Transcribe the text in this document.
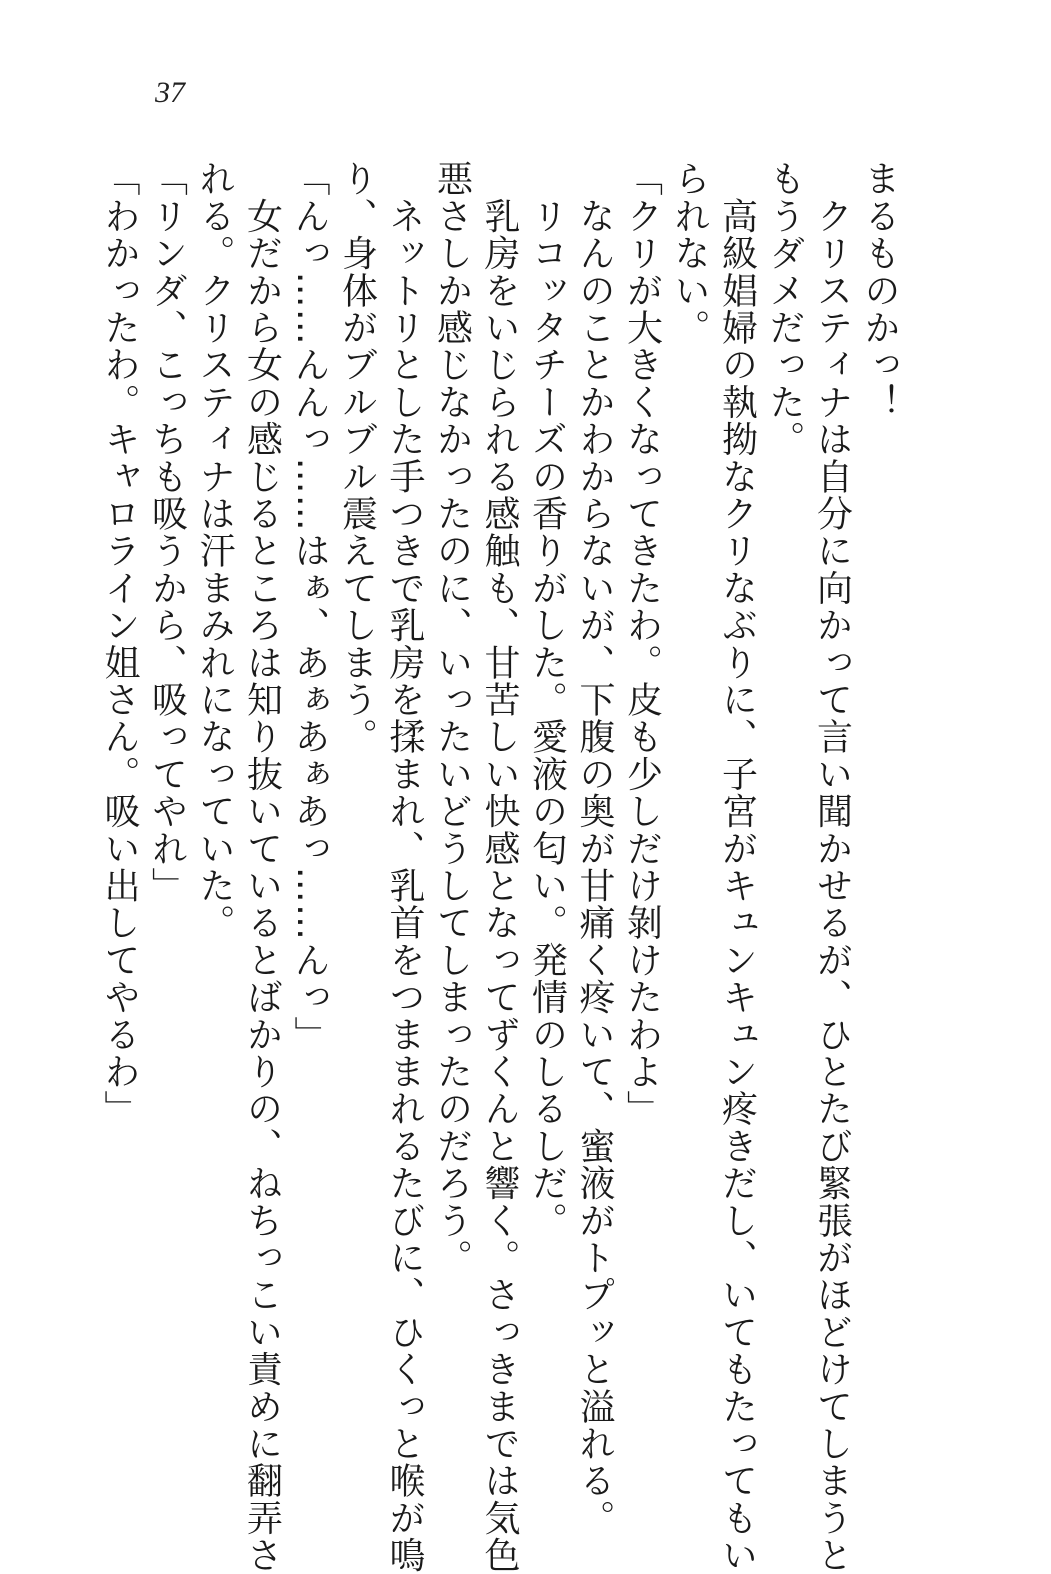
37
まるものかっ！
　クリスティナは自分に向かって言い聞かせるが、ひとたび緊張がほどけてしまうと
もうダメだった。
　高級娼婦の執拗なクリなぶりに、子宮がキュンキュン疼きだし、いてもたってもい
られない。
「クリが大きくなってきたわ。皮も少しだけ剝けたわよ」
　なんのことかわからないが、下腹の奥が甘痛く疼いて、蜜液がトプッと溢れる。
　リコッタチーズの香りがした。愛液の匂い。発情のしるしだ。
　乳房をいじられる感触も、甘苦しい快感となってずくんと響く。さっきまでは気色
悪さしか感じなかったのに、いったいどうしてしまったのだろう。
　ネットリとした手つきで乳房を揉まれ、乳首をつままれるたびに、ひくっと喉が鳴
り、身体がブルブル震えてしまう。
「んっ……んんっ……はぁ、あぁあぁあっ……んっ」
　女だから女の感じるところは知り抜いているとばかりの、ねちっこい責めに翻弄さ
れる。クリスティナは汗まみれになっていた。
「リンダ、こっちも吸うから、吸ってやれ」
「わかったわ。キャロライン姐さん。吸い出してやるわ」
